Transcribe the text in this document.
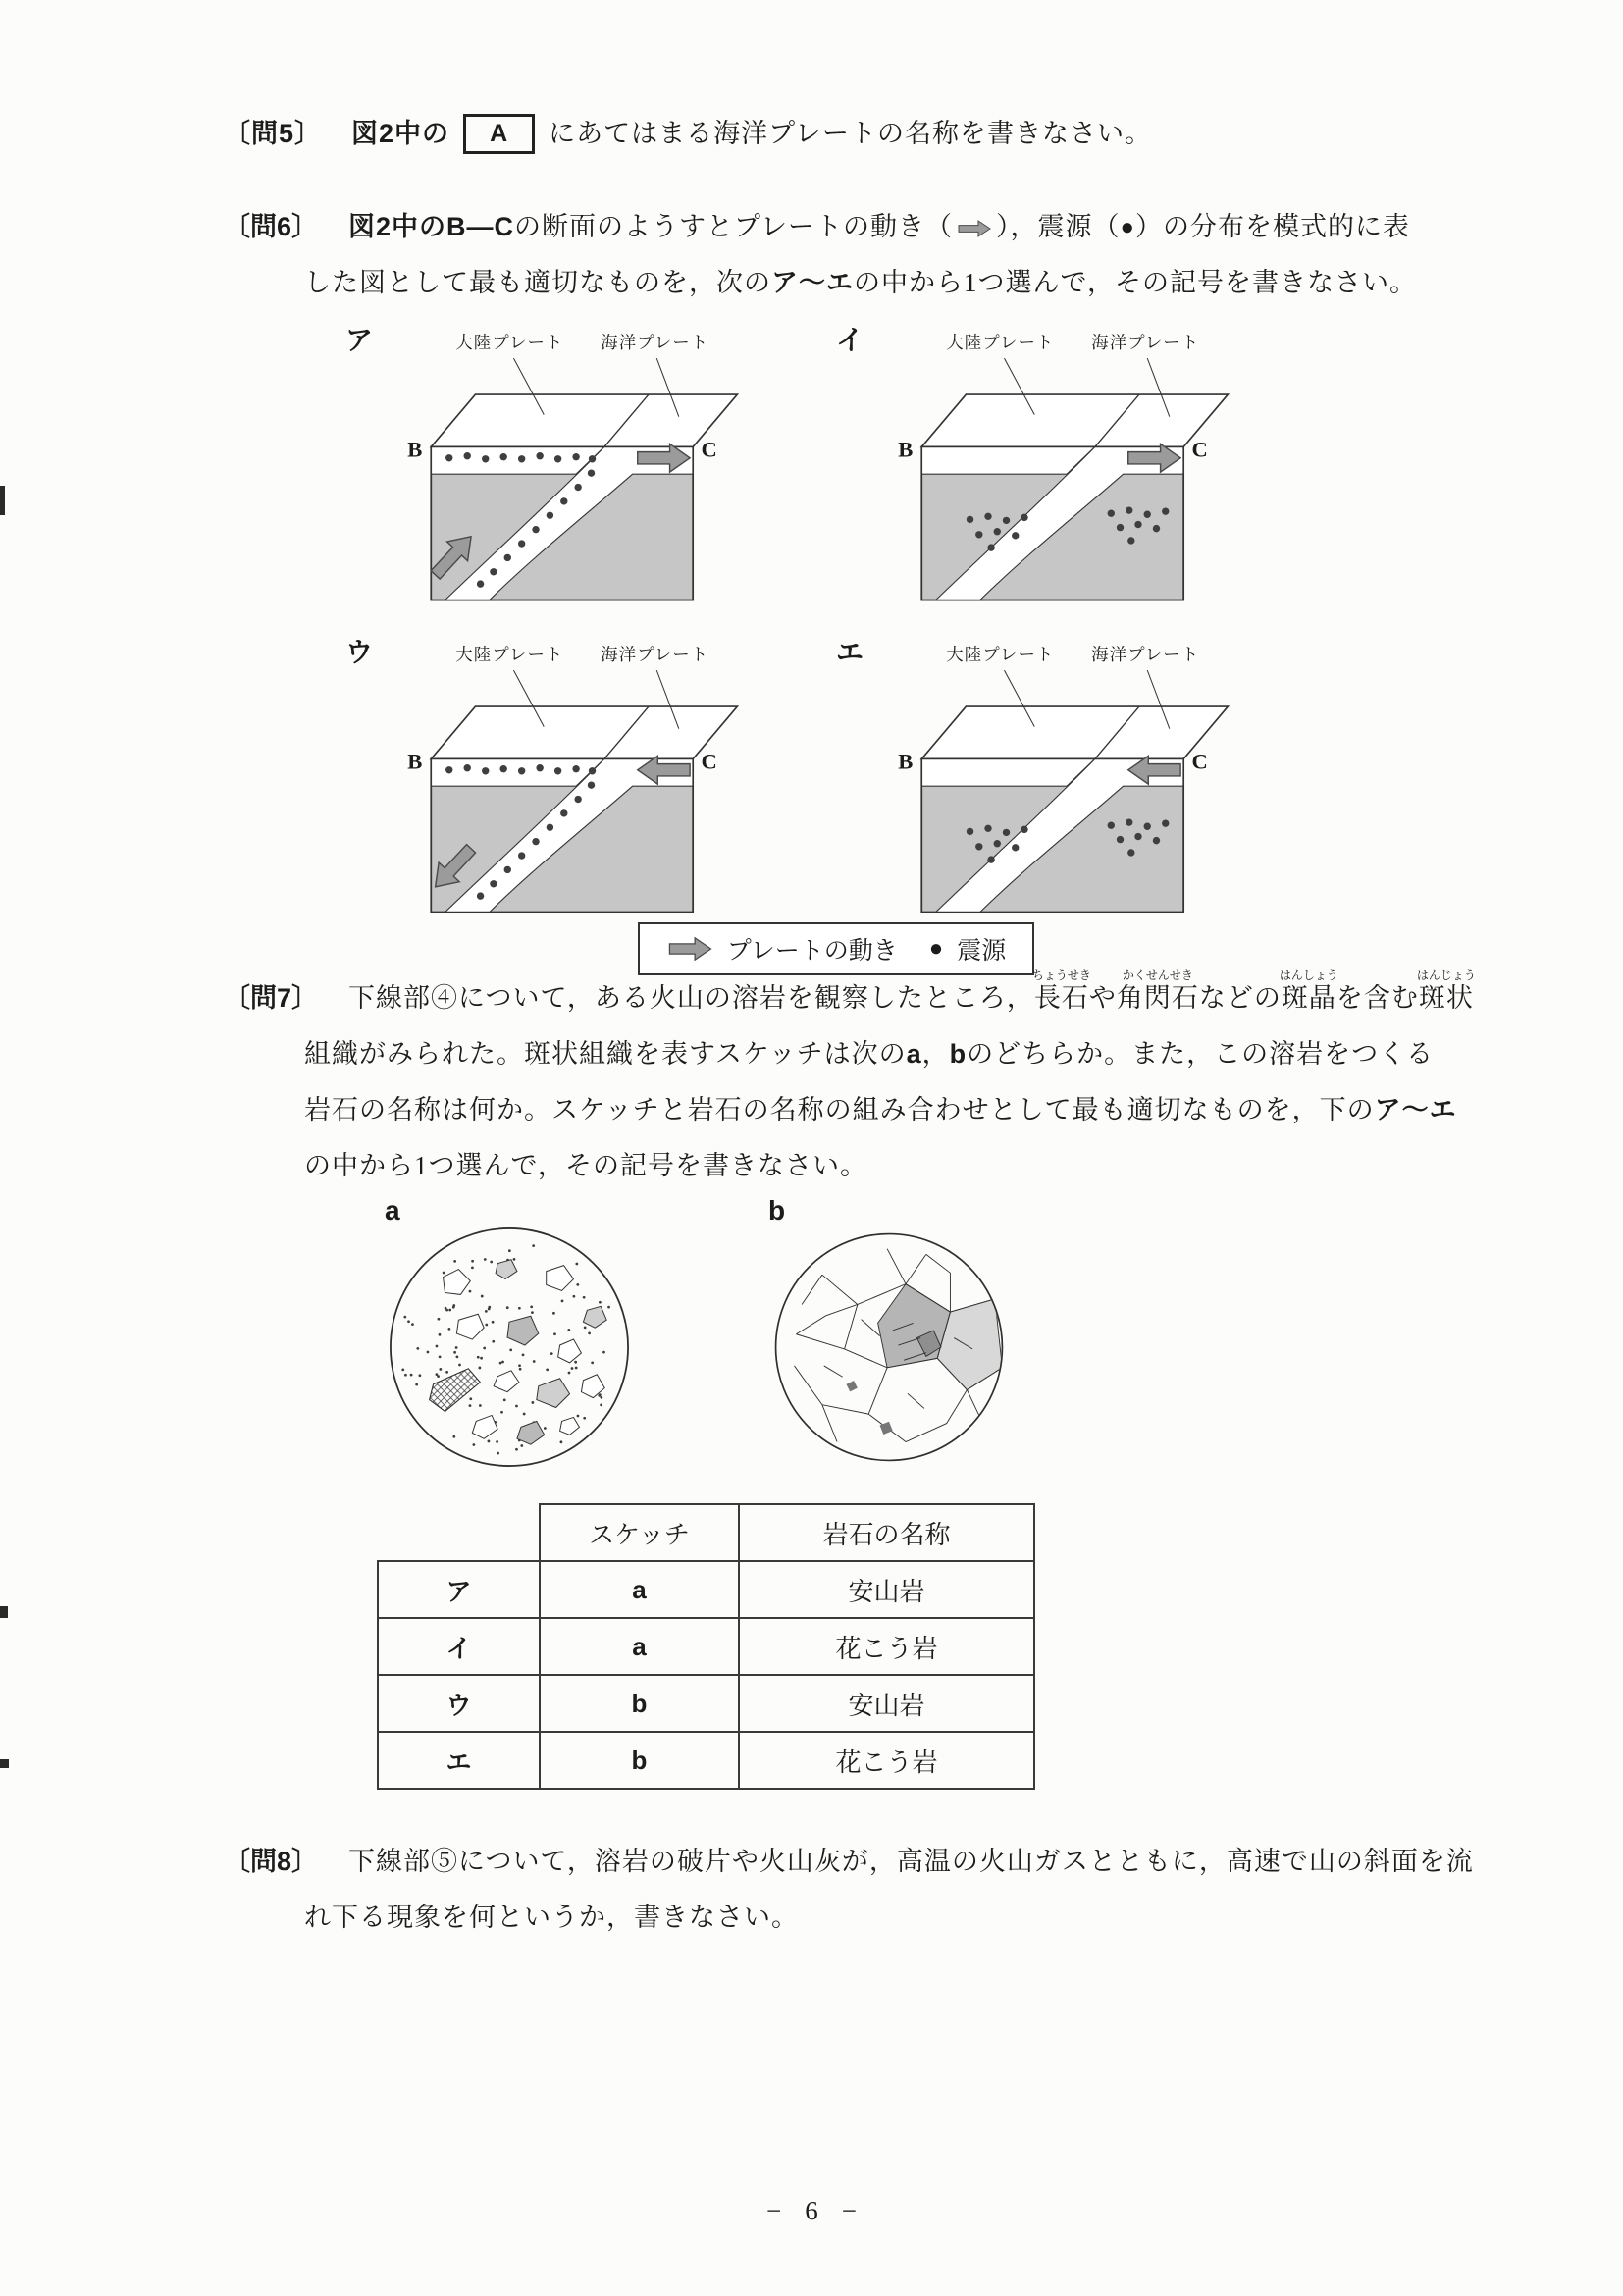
〔問5〕 図2中の	A	にあてはまる海洋プレートの名称を書きなさい。
〔問6〕 図2中のB―Cの断面のようすとプレートの動き（ ），震源（●）の分布を模式的に表
した図として最も適切なものを，次のア～エの中から1つ選んで，その記号を書きなさい。
ア	イ
ウ	エ
大陸プレート 海洋プレート
B	C
大陸プレート 海洋プレート
B	C
大陸プレート 海洋プレート
B	C
大陸プレート 海洋プレート
B	C
プレートの動き ● 震源
〔問7〕 下線部④について，ある火山の溶岩を観察したところ，
ちょうせき
長石や
かくせんせき
角閃石などの
はんしょう
斑晶を含む
はんじょう
斑状
組織がみられた。斑状組織を表すスケッチは次のa，bのどちらか。また，この溶岩をつくる
岩石の名称は何か。スケッチと岩石の名称の組み合わせとして最も適切なものを，下のア～エ
の中から1つ選んで，その記号を書きなさい。
a	b
	スケッチ	岩石の名称
ア	a	安山岩
イ	a	花こう岩
ウ	b	安山岩
エ	b	花こう岩
〔問8〕 下線部⑤について，溶岩の破片や火山灰が，高温の火山ガスとともに，高速で山の斜面を流
れ下る現象を何というか，書きなさい。
− 6 −
